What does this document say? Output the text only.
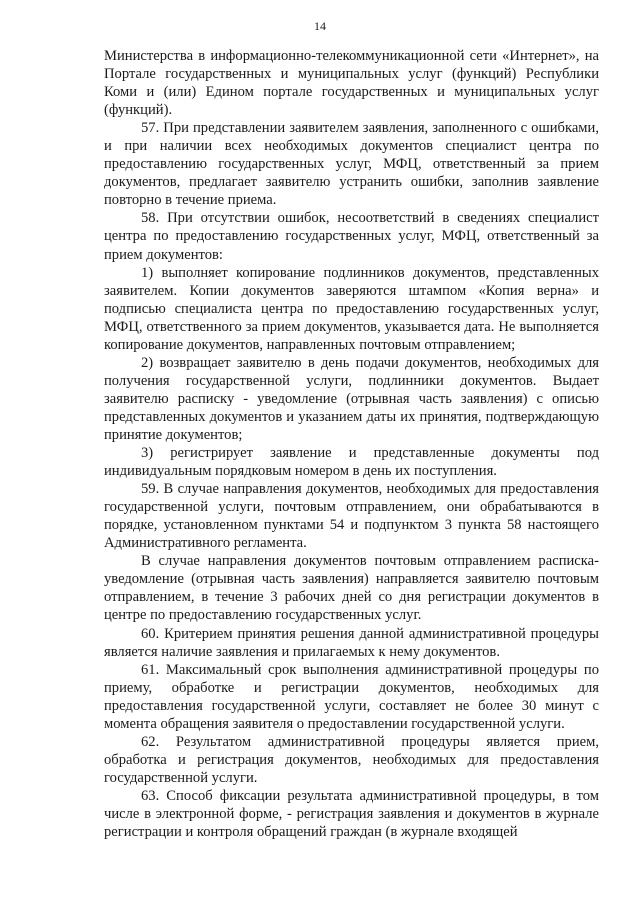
14

Министерства в информационно-телекоммуникационной сети «Интернет», на Портале государственных и муниципальных услуг (функций) Республики Коми и (или) Едином портале государственных и муниципальных услуг (функций).

57. При представлении заявителем заявления, заполненного с ошибками, и при наличии всех необходимых документов специалист центра по предоставлению государственных услуг, МФЦ, ответственный за прием документов, предлагает заявителю устранить ошибки, заполнив заявление повторно в течение приема.

58. При отсутствии ошибок, несоответствий в сведениях специалист центра по предоставлению государственных услуг, МФЦ, ответственный за прием документов:

1) выполняет копирование подлинников документов, представленных заявителем. Копии документов заверяются штампом «Копия верна» и подписью специалиста центра по предоставлению государственных услуг, МФЦ, ответственного за прием документов, указывается дата. Не выполняется копирование документов, направленных почтовым отправлением;

2) возвращает заявителю в день подачи документов, необходимых для получения государственной услуги, подлинники документов. Выдает заявителю расписку - уведомление (отрывная часть заявления) с описью представленных документов и указанием даты их принятия, подтверждающую принятие документов;

3) регистрирует заявление и представленные документы под индивидуальным порядковым номером в день их поступления.

59. В случае направления документов, необходимых для предоставления государственной услуги, почтовым отправлением, они обрабатываются в порядке, установленном пунктами 54 и подпунктом 3 пункта 58 настоящего Административного регламента.

В случае направления документов почтовым отправлением расписка-уведомление (отрывная часть заявления) направляется заявителю почтовым отправлением, в течение 3 рабочих дней со дня регистрации документов в центре по предоставлению государственных услуг.

60. Критерием принятия решения данной административной процедуры является наличие заявления и прилагаемых к нему документов.

61. Максимальный срок выполнения административной процедуры по приему, обработке и регистрации документов, необходимых для предоставления государственной услуги, составляет не более 30 минут с момента обращения заявителя о предоставлении государственной услуги.

62. Результатом административной процедуры является прием, обработка и регистрация документов, необходимых для предоставления государственной услуги.

63. Способ фиксации результата административной процедуры, в том числе в электронной форме, - регистрация заявления и документов в журнале регистрации и контроля обращений граждан (в журнале входящей
